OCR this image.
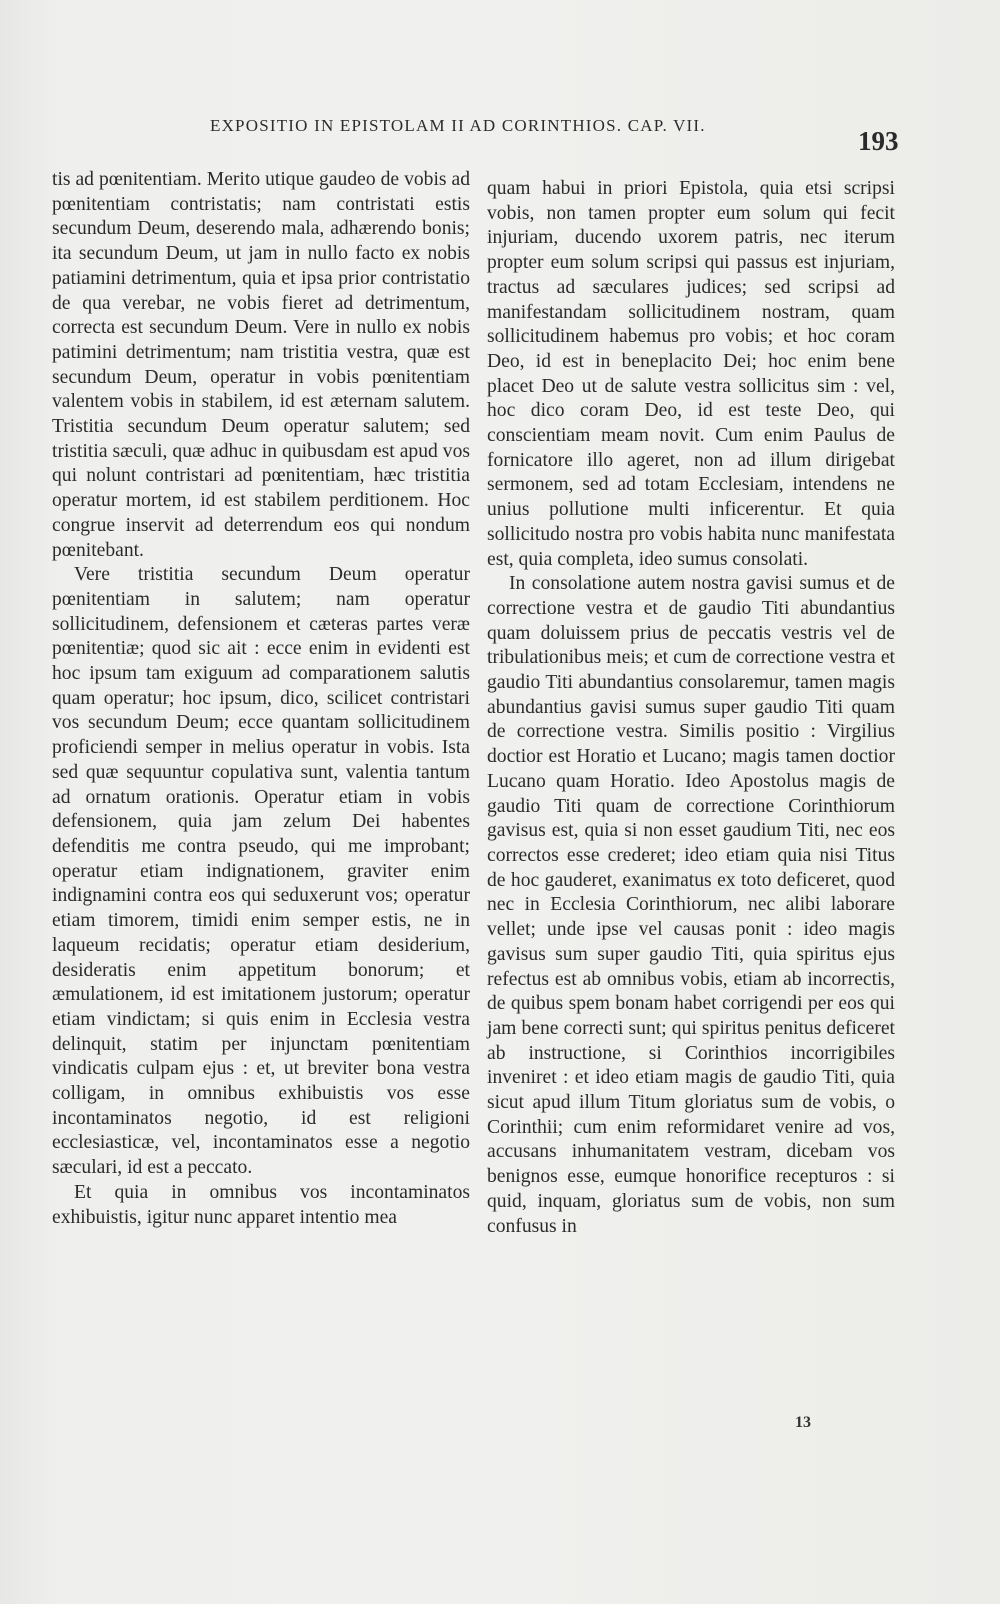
EXPOSITIO IN EPISTOLAM II AD CORINTHIOS. CAP. VII.
193

tis ad pœnitentiam. Merito utique gaudeo de vobis ad pœnitentiam contristatis; nam contristati estis secundum Deum, deserendo mala, adhærendo bonis; ita secundum Deum, ut jam in nullo facto ex nobis patiamini detrimentum, quia et ipsa prior contristatio de qua verebar, ne vobis fieret ad detrimentum, correcta est secundum Deum. Vere in nullo ex nobis patimini detrimentum; nam tristitia vestra, quæ est secundum Deum, operatur in vobis pœnitentiam valentem vobis in stabilem, id est æternam salutem. Tristitia secundum Deum operatur salutem; sed tristitia sæculi, quæ adhuc in quibusdam est apud vos qui nolunt contristari ad pœnitentiam, hæc tristitia operatur mortem, id est stabilem perditionem. Hoc congrue inservit ad deterrendum eos qui nondum pœnitebant.

Vere tristitia secundum Deum operatur pœnitentiam in salutem; nam operatur sollicitudinem, defensionem et cæteras partes veræ pœnitentiæ; quod sic ait : ecce enim in evidenti est hoc ipsum tam exiguum ad comparationem salutis quam operatur; hoc ipsum, dico, scilicet contristari vos secundum Deum; ecce quantam sollicitudinem proficiendi semper in melius operatur in vobis. Ista sed quæ sequuntur copulativa sunt, valentia tantum ad ornatum orationis. Operatur etiam in vobis defensionem, quia jam zelum Dei habentes defenditis me contra pseudo, qui me improbant; operatur etiam indignationem, graviter enim indignamini contra eos qui seduxerunt vos; operatur etiam timorem, timidi enim semper estis, ne in laqueum recidatis; operatur etiam desiderium, desideratis enim appetitum bonorum; et æmulationem, id est imitationem justorum; operatur etiam vindictam; si quis enim in Ecclesia vestra delinquit, statim per injunctam pœnitentiam vindicatis culpam ejus : et, ut breviter bona vestra colligam, in omnibus exhibuistis vos esse incontaminatos negotio, id est religioni ecclesiasticæ, vel, incontaminatos esse a negotio sæculari, id est a peccato.

Et quia in omnibus vos incontaminatos exhibuistis, igitur nunc apparet intentio mea

quam habui in priori Epistola, quia etsi scripsi vobis, non tamen propter eum solum qui fecit injuriam, ducendo uxorem patris, nec iterum propter eum solum scripsi qui passus est injuriam, tractus ad sæculares judices; sed scripsi ad manifestandam sollicitudinem nostram, quam sollicitudinem habemus pro vobis; et hoc coram Deo, id est in beneplacito Dei; hoc enim bene placet Deo ut de salute vestra sollicitus sim : vel, hoc dico coram Deo, id est teste Deo, qui conscientiam meam novit. Cum enim Paulus de fornicatore illo ageret, non ad illum dirigebat sermonem, sed ad totam Ecclesiam, intendens ne unius pollutione multi inficerentur. Et quia sollicitudo nostra pro vobis habita nunc manifestata est, quia completa, ideo sumus consolati.

In consolatione autem nostra gavisi sumus et de correctione vestra et de gaudio Titi abundantius quam doluissem prius de peccatis vestris vel de tribulationibus meis; et cum de correctione vestra et gaudio Titi abundantius consolaremur, tamen magis abundantius gavisi sumus super gaudio Titi quam de correctione vestra. Similis positio : Virgilius doctior est Horatio et Lucano; magis tamen doctior Lucano quam Horatio. Ideo Apostolus magis de gaudio Titi quam de correctione Corinthiorum gavisus est, quia si non esset gaudium Titi, nec eos correctos esse crederet; ideo etiam quia nisi Titus de hoc gauderet, exanimatus ex toto deficeret, quod nec in Ecclesia Corinthiorum, nec alibi laborare vellet; unde ipse vel causas ponit : ideo magis gavisus sum super gaudio Titi, quia spiritus ejus refectus est ab omnibus vobis, etiam ab incorrectis, de quibus spem bonam habet corrigendi per eos qui jam bene correcti sunt; qui spiritus penitus deficeret ab instructione, si Corinthios incorrigibiles inveniret : et ideo etiam magis de gaudio Titi, quia sicut apud illum Titum gloriatus sum de vobis, o Corinthii; cum enim reformidaret venire ad vos, accusans inhumanitatem vestram, dicebam vos benignos esse, eumque honorifice recepturos : si quid, inquam, gloriatus sum de vobis, non sum confusus in

13
